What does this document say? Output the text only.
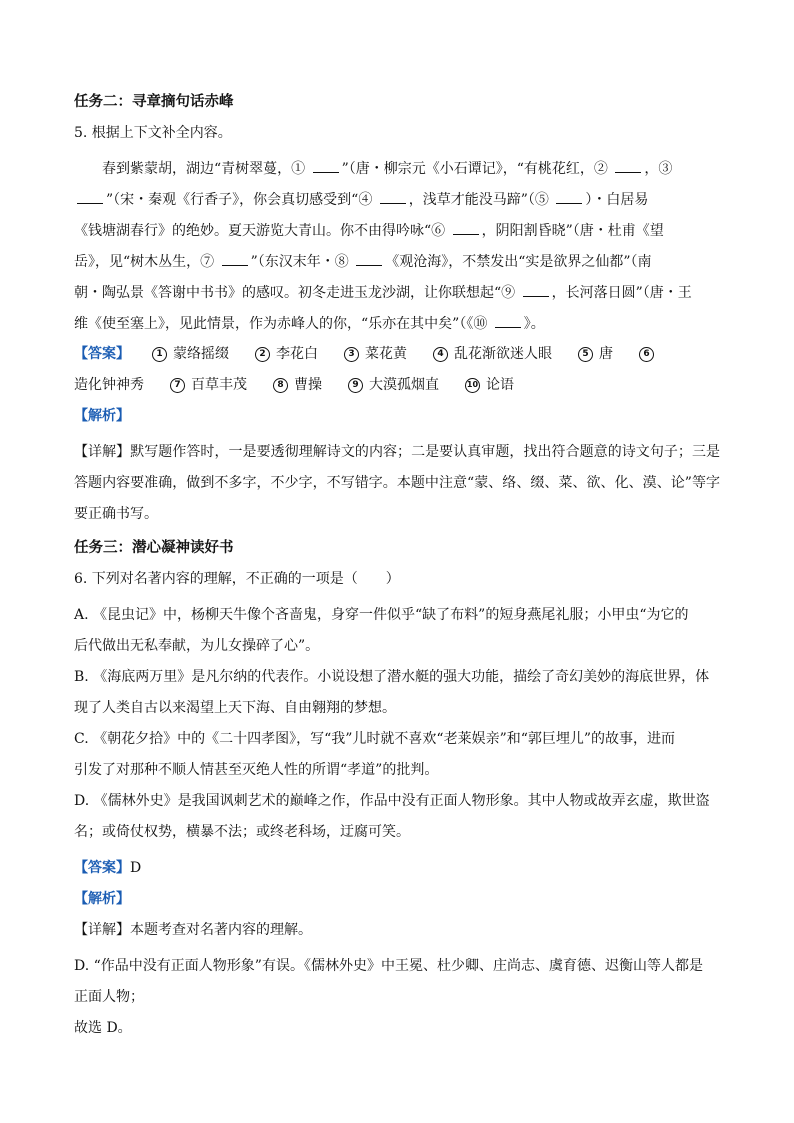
任务二：寻章摘句话赤峰
5. 根据上下文补全内容。
春到紫蒙胡，湖边“青树翠蔓，① ”（唐・柳宗元《小石谭记》，“有桃花红，② ，③
”（宋・秦观《行香子》，你会真切感受到“④ ，浅草才能没马蹄”（⑤ ）・白居易
《钱塘湖春行》的绝妙。夏天游览大青山。你不由得吟咏“⑥ ，阴阳割昏晓”（唐・杜甫《望
岳》，见“树木丛生，⑦ ”（东汉末年・⑧ 《观沧海》，不禁发出“实是欲界之仙都”（南
朝・陶弘景《答谢中书书》的感叹。初冬走进玉龙沙湖，让你联想起“⑨ ，长河落日圆”（唐・王
维《使至塞上》，见此情景，作为赤峰人的你，“乐亦在其中矣”（《⑩ 》。
【答案】	1 蒙络摇缀	2 李花白	3 菜花黄	4 乱花渐欲迷人眼	5 唐	6
造化钟神秀	7 百草丰茂	8 曹操	9 大漠孤烟直	10 论语
【解析】
【详解】默写题作答时，一是要透彻理解诗文的内容；二是要认真审题，找出符合题意的诗文句子；三是答题内容要准确，做到不多字，不少字，不写错字。本题中注意“蒙、络、缀、菜、欲、化、漠、论”等字要正确书写。
任务三：潜心凝神读好书
6. 下列对名著内容的理解，不正确的一项是（　　）
A. 《昆虫记》中，杨柳天牛像个吝啬鬼，身穿一件似乎“缺了布料”的短身燕尾礼服；小甲虫“为它的
后代做出无私奉献，为儿女操碎了心”。
B. 《海底两万里》是凡尔纳的代表作。小说设想了潜水艇的强大功能，描绘了奇幻美妙的海底世界，体
现了人类自古以来渴望上天下海、自由翱翔的梦想。
C. 《朝花夕拾》中的《二十四孝图》，写“我”儿时就不喜欢“老莱娱亲”和“郭巨埋儿”的故事，进而
引发了对那种不顺人情甚至灭绝人性的所谓“孝道”的批判。
D. 《儒林外史》是我国讽刺艺术的巅峰之作，作品中没有正面人物形象。其中人物或故弄玄虚，欺世盗
名；或倚仗权势，横暴不法；或终老科场，迂腐可笑。
【答案】D
【解析】
【详解】本题考查对名著内容的理解。
D. “作品中没有正面人物形象”有误。《儒林外史》中王冕、杜少卿、庄尚志、虞育德、迟衡山等人都是
正面人物；
故选 D。
